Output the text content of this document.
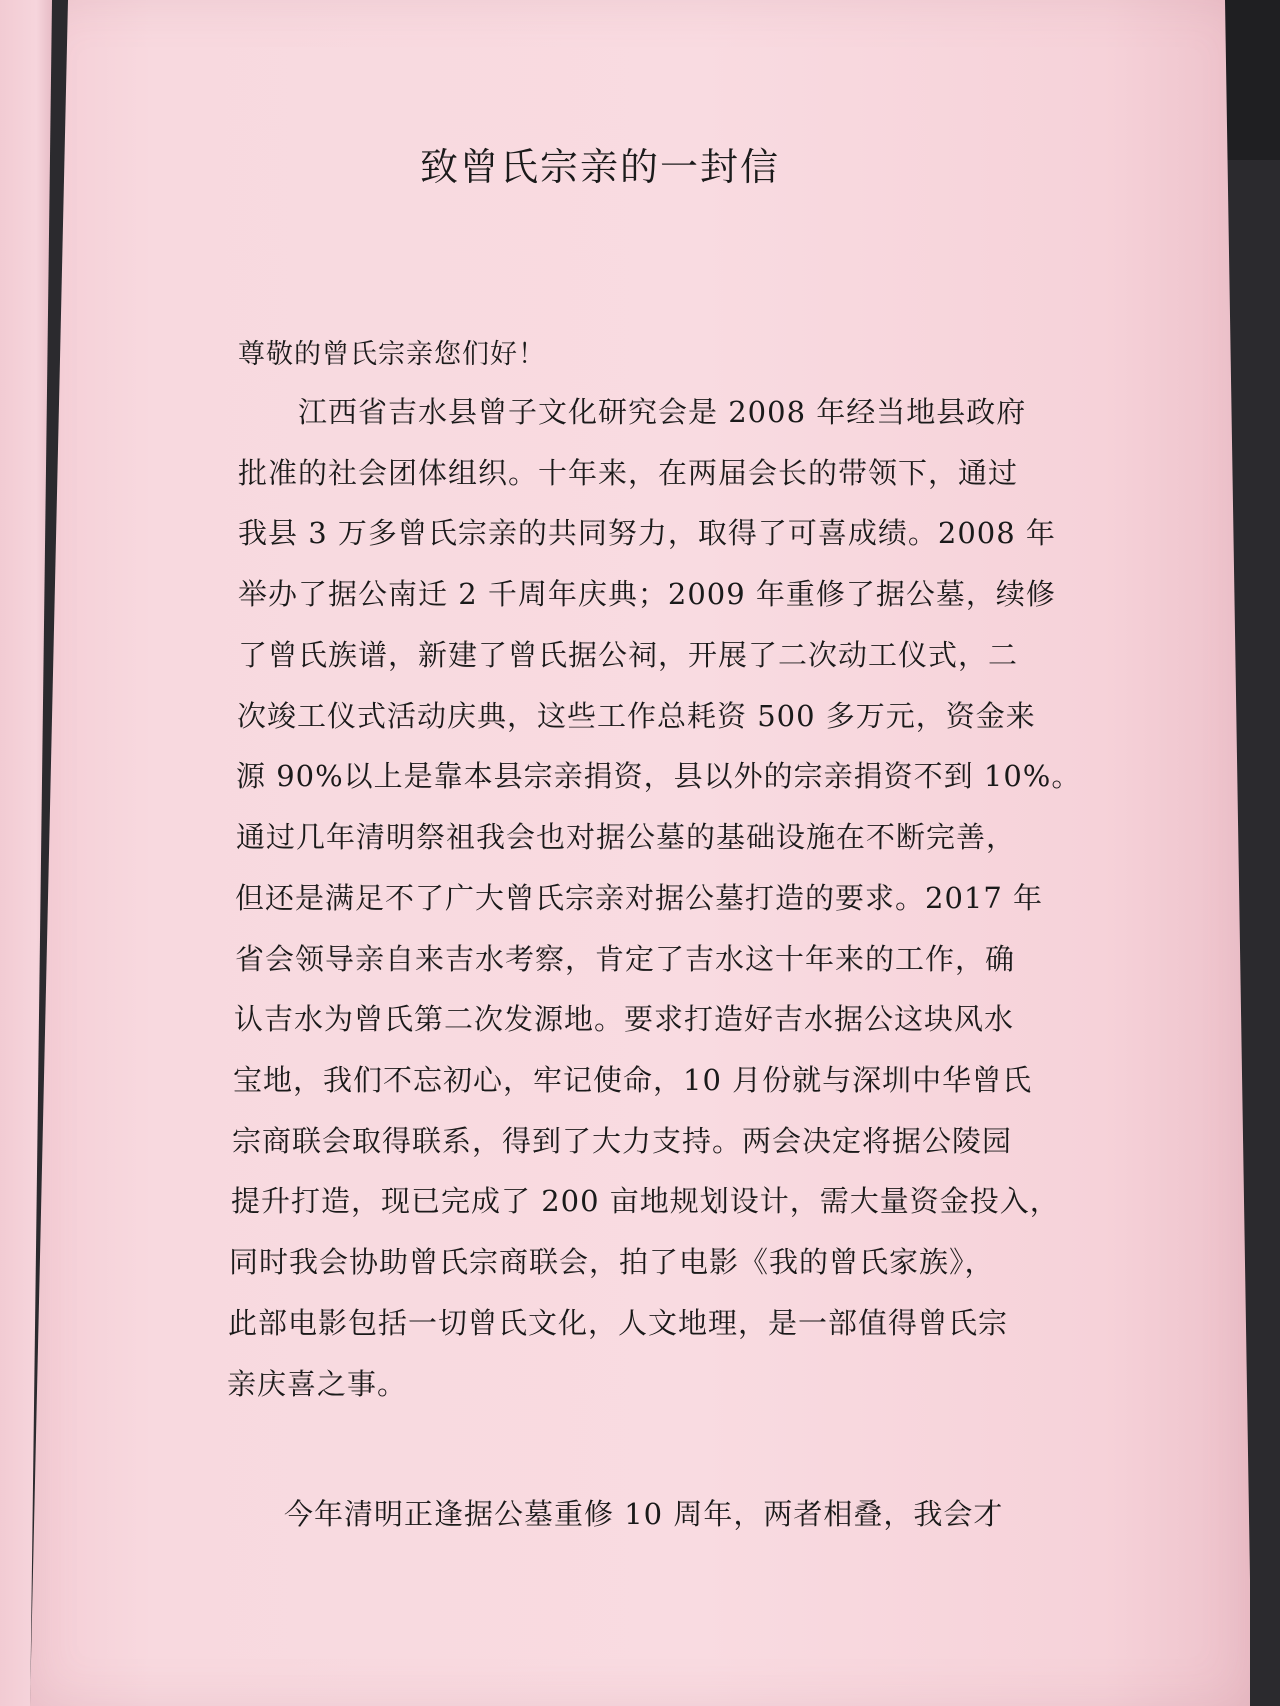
致曾氏宗亲的一封信
尊敬的曾氏宗亲您们好！
江西省吉水县曾子文化研究会是 2008 年经当地县政府
批准的社会团体组织。十年来，在两届会长的带领下，通过
我县 3 万多曾氏宗亲的共同努力，取得了可喜成绩。2008 年
举办了据公南迁 2 千周年庆典；2009 年重修了据公墓，续修
了曾氏族谱，新建了曾氏据公祠，开展了二次动工仪式，二
次竣工仪式活动庆典，这些工作总耗资 500 多万元，资金来
源 90%以上是靠本县宗亲捐资，县以外的宗亲捐资不到 10%。
通过几年清明祭祖我会也对据公墓的基础设施在不断完善，
但还是满足不了广大曾氏宗亲对据公墓打造的要求。2017 年
省会领导亲自来吉水考察，肯定了吉水这十年来的工作，确
认吉水为曾氏第二次发源地。要求打造好吉水据公这块风水
宝地，我们不忘初心，牢记使命，10 月份就与深圳中华曾氏
宗商联会取得联系，得到了大力支持。两会决定将据公陵园
提升打造，现已完成了 200 亩地规划设计，需大量资金投入，
同时我会协助曾氏宗商联会，拍了电影《我的曾氏家族》，
此部电影包括一切曾氏文化，人文地理，是一部值得曾氏宗
亲庆喜之事。
今年清明正逢据公墓重修 10 周年，两者相叠，我会才
